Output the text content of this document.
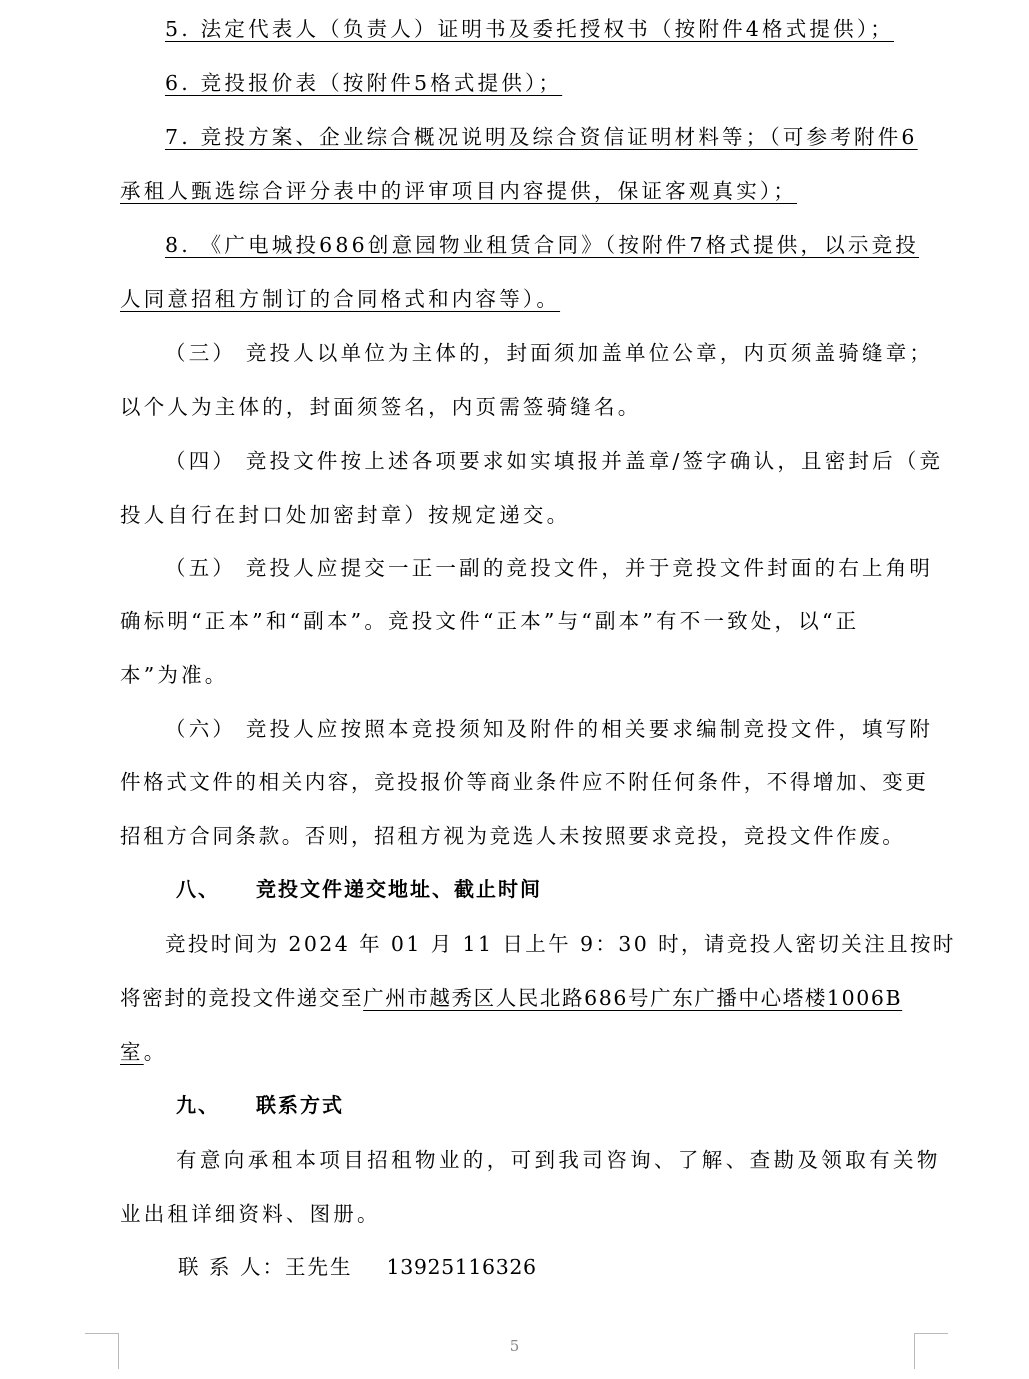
5. 法定代表人（负责人）证明书及委托授权书（按附件4格式提供）；

6. 竞投报价表（按附件5格式提供）；

7. 竞投方案、企业综合概况说明及综合资信证明材料等；（可参考附件6

承租人甄选综合评分表中的评审项目内容提供，保证客观真实）；

8. 《广电城投686创意园物业租赁合同》（按附件7格式提供，以示竞投

人同意招租方制订的合同格式和内容等）。

（三） 竞投人以单位为主体的，封面须加盖单位公章，内页须盖骑缝章；

以个人为主体的，封面须签名，内页需签骑缝名。

（四） 竞投文件按上述各项要求如实填报并盖章/签字确认，且密封后（竞

投人自行在封口处加密封章）按规定递交。

（五） 竞投人应提交一正一副的竞投文件，并于竞投文件封面的右上角明

确标明“正本”和“副本”。竞投文件“正本”与“副本”有不一致处，以“正

本”为准。

（六） 竞投人应按照本竞投须知及附件的相关要求编制竞投文件，填写附

件格式文件的相关内容，竞投报价等商业条件应不附任何条件，不得增加、变更

招租方合同条款。否则，招租方视为竞选人未按照要求竞投，竞投文件作废。

八、 竞投文件递交地址、截止时间

竞投时间为 2024 年 01 月 11 日上午 9：30 时，请竞投人密切关注且按时

将密封的竞投文件递交至广州市越秀区人民北路686号广东广播中心塔楼1006B

室。

九、 联系方式

有意向承租本项目招租物业的，可到我司咨询、了解、查勘及领取有关物

业出租详细资料、图册。

联 系 人：王先生 13925116326

5
